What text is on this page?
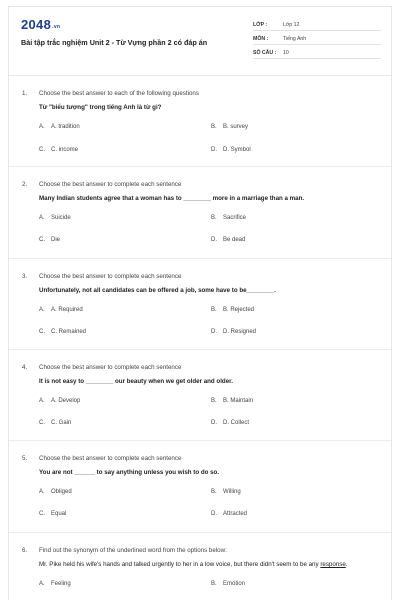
$2048^{.vn}$
Bài tập trắc nghiệm Unit 2 - Từ Vựng phần 2 có đáp án
LỚP :	Lớp 12
MÔN :	Tiếng Anh
SỐ CÂU :	10
1.	Choose the best answer to each of the following questions
Từ "biểu tượng" trong tiếng Anh là từ gì?
A.	A. tradition	B.	B. survey
C.	C. income	D.	D. Symbol
2.	Choose the best answer to complete each sentence
Many Indian students agree that a woman has to ________ more in a marriage than a man.
A.	Suicide	B.	Sacrifice
C.	Die	D.	Be dead
3.	Choose the best answer to complete each sentence
Unfortunately, not all candidates can be offered a job, some have to be________.
A.	A. Required	B.	B. Rejected
C.	C. Remained	D.	D. Resigned
4.	Choose the best answer to complete each sentence
It is not easy to ________ our beauty when we get older and older.
A.	A. Develop	B.	B. Maintain
C.	C. Gain	D.	D. Collect
5.	Choose the best answer to complete each sentence
You are not ______ to say anything unless you wish to do so.
A.	Obliged	B.	Willing
C.	Equal	D.	Attracted
6.	Find out the synonym of the underlined word from the options below:
Mr. Pike held his wife's hands and talked urgently to her in a low voice, but there didn't seem to be any response.
A.	Feeling	B.	Emotion
